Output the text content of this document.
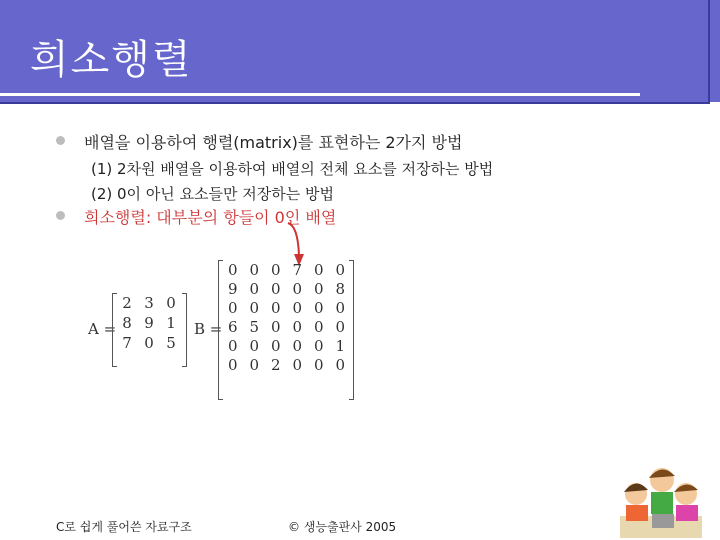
희소행렬
배열을 이용하여 행렬(matrix)를 표현하는 2가지 방법
(1) 2차원 배열을 이용하여 배열의 전체 요소를 저장하는 방법
(2) 0이 아닌 요소들만 저장하는 방법
희소행렬: 대부분의 항들이 0인 배열
A =
2 3 0
8 9 1
7 0 5
B =
0 0 0 7 0 0
9 0 0 0 0 8
0 0 0 0 0 0
6 5 0 0 0 0
0 0 0 0 0 1
0 0 2 0 0 0
C로 쉽게 풀어쓴 자료구조	© 생능출판사 2005
